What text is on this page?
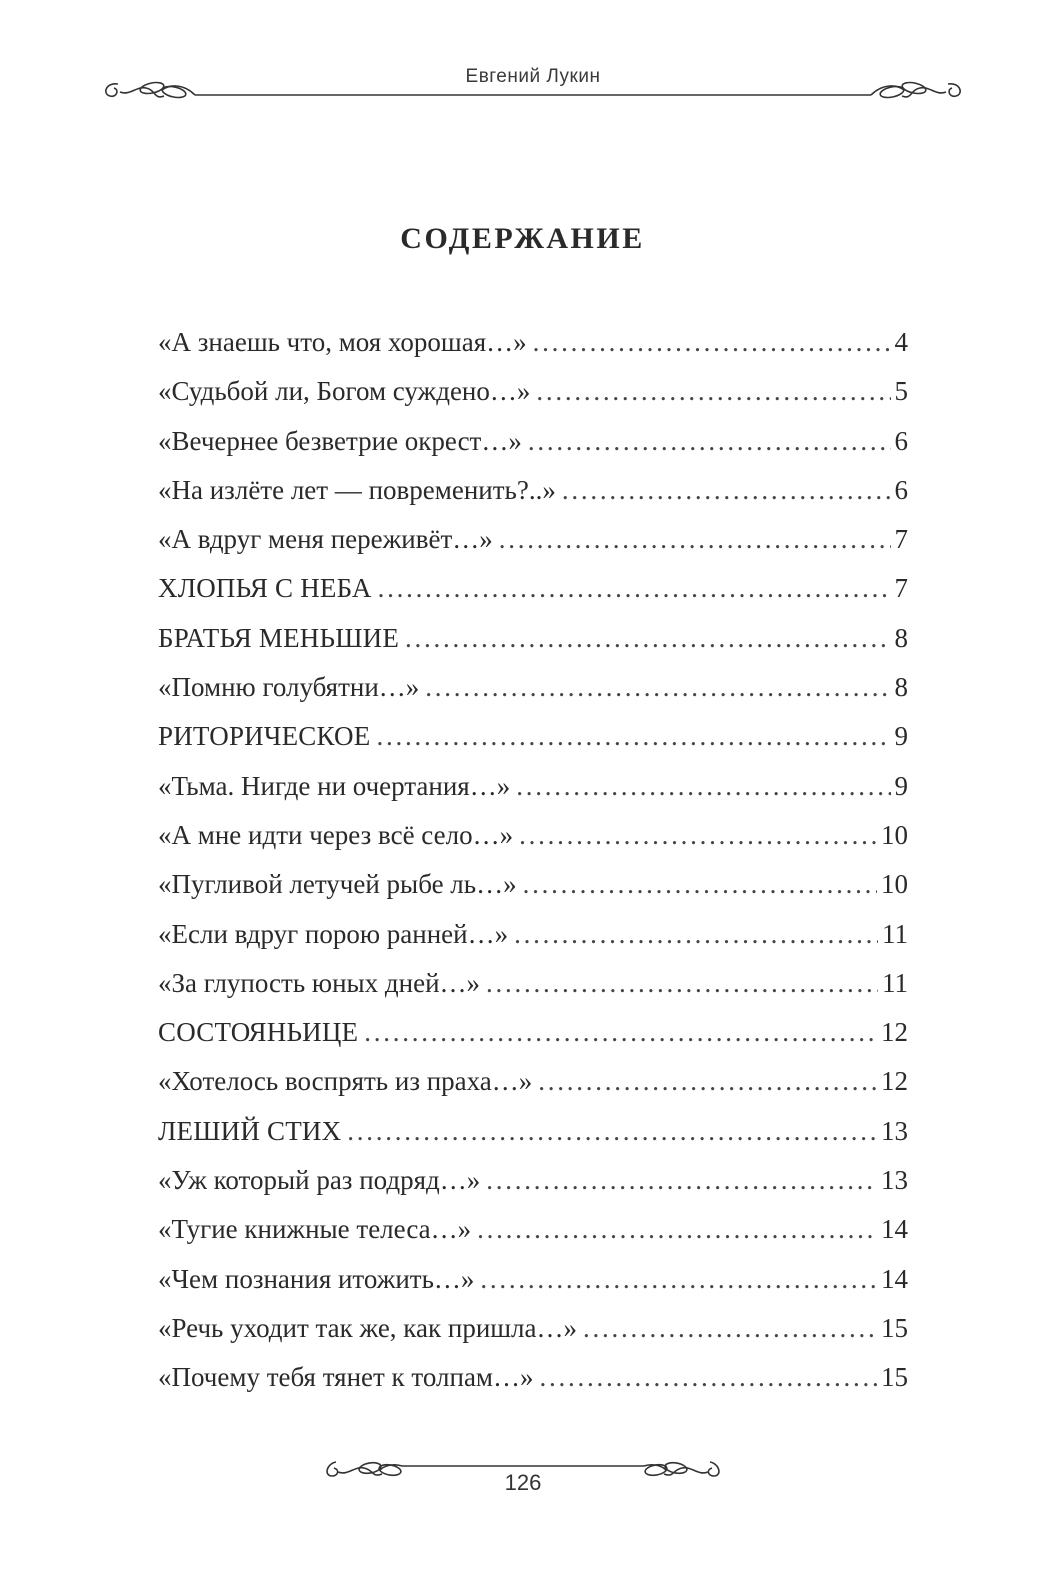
Евгений Лукин
СОДЕРЖАНИЕ
«А знаешь что, моя хорошая…» . . .	4
«Судьбой ли, Богом суждено…» . . .	5
«Вечернее безветрие окрест…» . . .	6
«На излёте лет — повременить?..» . . .	6
«А вдруг меня переживёт…» . . .	7
ХЛОПЬЯ С НЕБА . . .	7
БРАТЬЯ МЕНЬШИЕ . . .	8
«Помню голубятни…» . . .	8
РИТОРИЧЕСКОЕ . . .	9
«Тьма. Нигде ни очертания…» . . .	9
«А мне идти через всё село…» . . .	10
«Пугливой летучей рыбе ль…» . . .	10
«Если вдруг порою ранней…» . . .	11
«За глупость юных дней…» . . .	11
СОСТОЯНЬИЦЕ . . .	12
«Хотелось воспрять из праха…» . . .	12
ЛЕШИЙ СТИХ . . .	13
«Уж который раз подряд…» . . .	13
«Тугие книжные телеса…» . . .	14
«Чем познания итожить…» . . .	14
«Речь уходит так же, как пришла…» . . .	15
«Почему тебя тянет к толпам…» . . .	15
126
